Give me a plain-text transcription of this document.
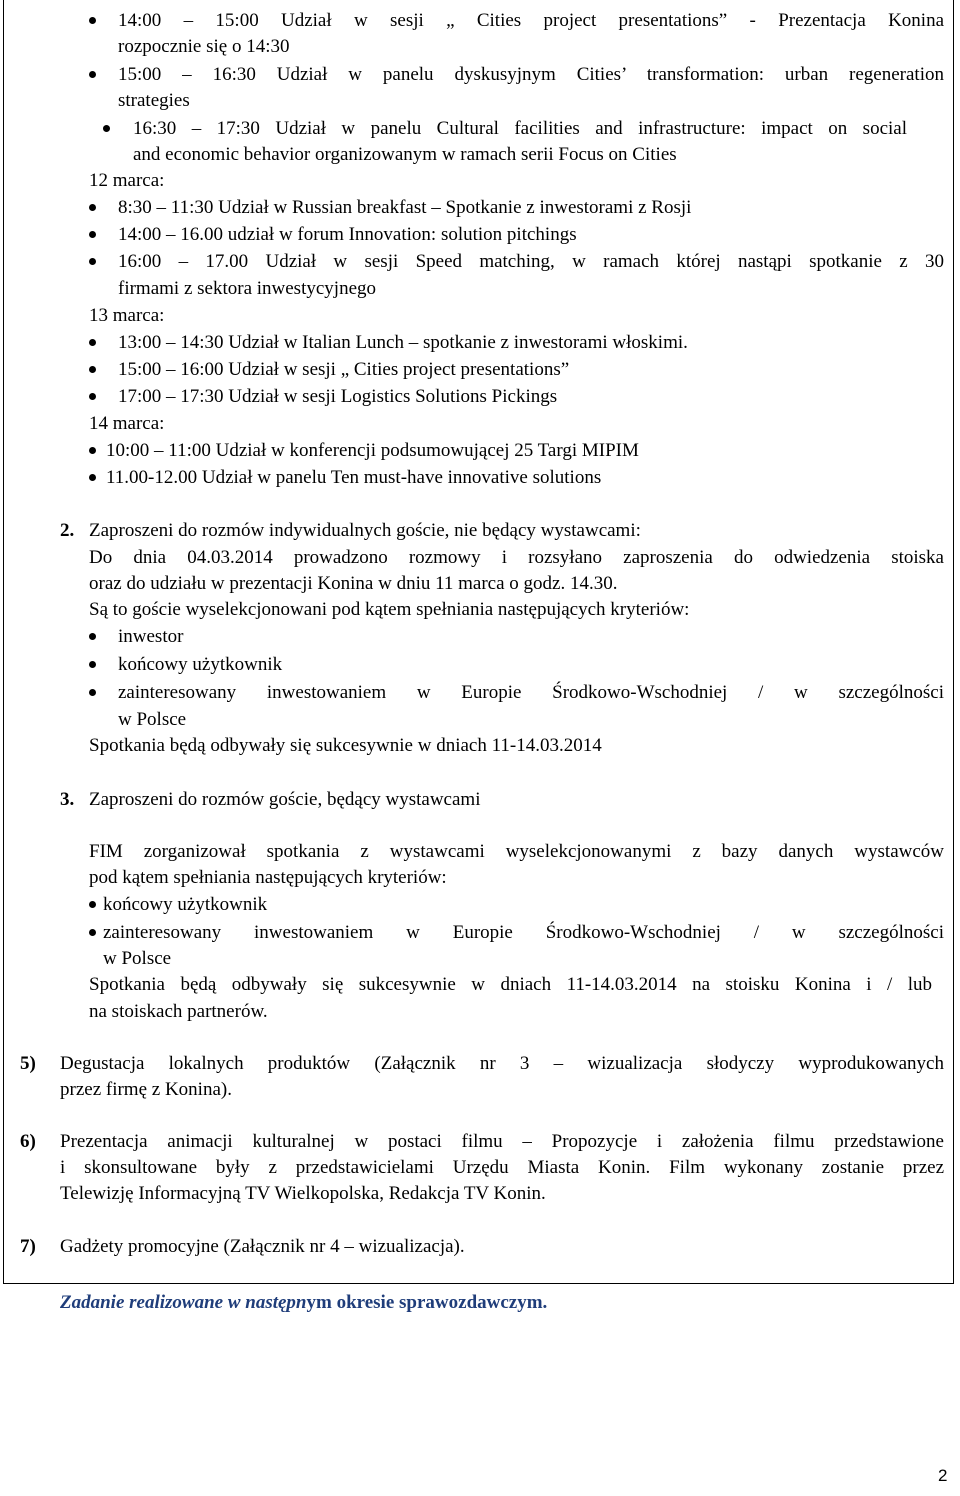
14:00 – 15:00 Udział w sesji „ Cities project presentations” - Prezentacja Konina
rozpocznie się o 14:30
15:00 – 16:30 Udział w panelu dyskusyjnym Cities’ transformation: urban regeneration
strategies
16:30 – 17:30 Udział w panelu Cultural facilities and infrastructure: impact on social
and economic behavior organizowanym w ramach serii Focus on Cities
12 marca:
8:30 – 11:30 Udział w Russian breakfast – Spotkanie z inwestorami z Rosji
14:00 – 16.00 udział w forum Innovation: solution pitchings
16:00 – 17.00 Udział w sesji Speed matching, w ramach której nastąpi spotkanie z 30
firmami z sektora inwestycyjnego
13 marca:
13:00 – 14:30 Udział w Italian Lunch – spotkanie z inwestorami włoskimi.
15:00 – 16:00 Udział w sesji „ Cities project presentations”
17:00 – 17:30 Udział w sesji Logistics Solutions Pickings
14 marca:
10:00 – 11:00 Udział w konferencji podsumowującej 25 Targi MIPIM
11.00-12.00 Udział w panelu Ten must-have innovative solutions
2. Zaproszeni do rozmów indywidualnych goście, nie będący wystawcami:
Do dnia 04.03.2014 prowadzono rozmowy i rozsyłano zaproszenia do odwiedzenia stoiska
oraz do udziału w prezentacji Konina w dniu 11 marca o godz. 14.30.
Są to goście wyselekcjonowani pod kątem spełniania następujących kryteriów:
inwestor
końcowy użytkownik
zainteresowany inwestowaniem w Europie Środkowo-Wschodniej / w szczególności
w Polsce
Spotkania będą odbywały się sukcesywnie w dniach 11-14.03.2014
3. Zaproszeni do rozmów goście, będący wystawcami
FIM zorganizował spotkania z wystawcami wyselekcjonowanymi z bazy danych wystawców
pod kątem spełniania następujących kryteriów:
końcowy użytkownik
zainteresowany inwestowaniem w Europie Środkowo-Wschodniej / w szczególności
w Polsce
Spotkania będą odbywały się sukcesywnie w dniach 11-14.03.2014 na stoisku Konina i / lub
na stoiskach partnerów.
5) Degustacja lokalnych produktów (Załącznik nr 3 – wizualizacja słodyczy wyprodukowanych
przez firmę z Konina).
6) Prezentacja animacji kulturalnej w postaci filmu – Propozycje i założenia filmu przedstawione
i skonsultowane były z przedstawicielami Urzędu Miasta Konin. Film wykonany zostanie przez
Telewizję Informacyjną TV Wielkopolska, Redakcja TV Konin.
7) Gadżety promocyjne (Załącznik nr 4 – wizualizacja).
Zadanie realizowane w następnym okresie sprawozdawczym.
2
